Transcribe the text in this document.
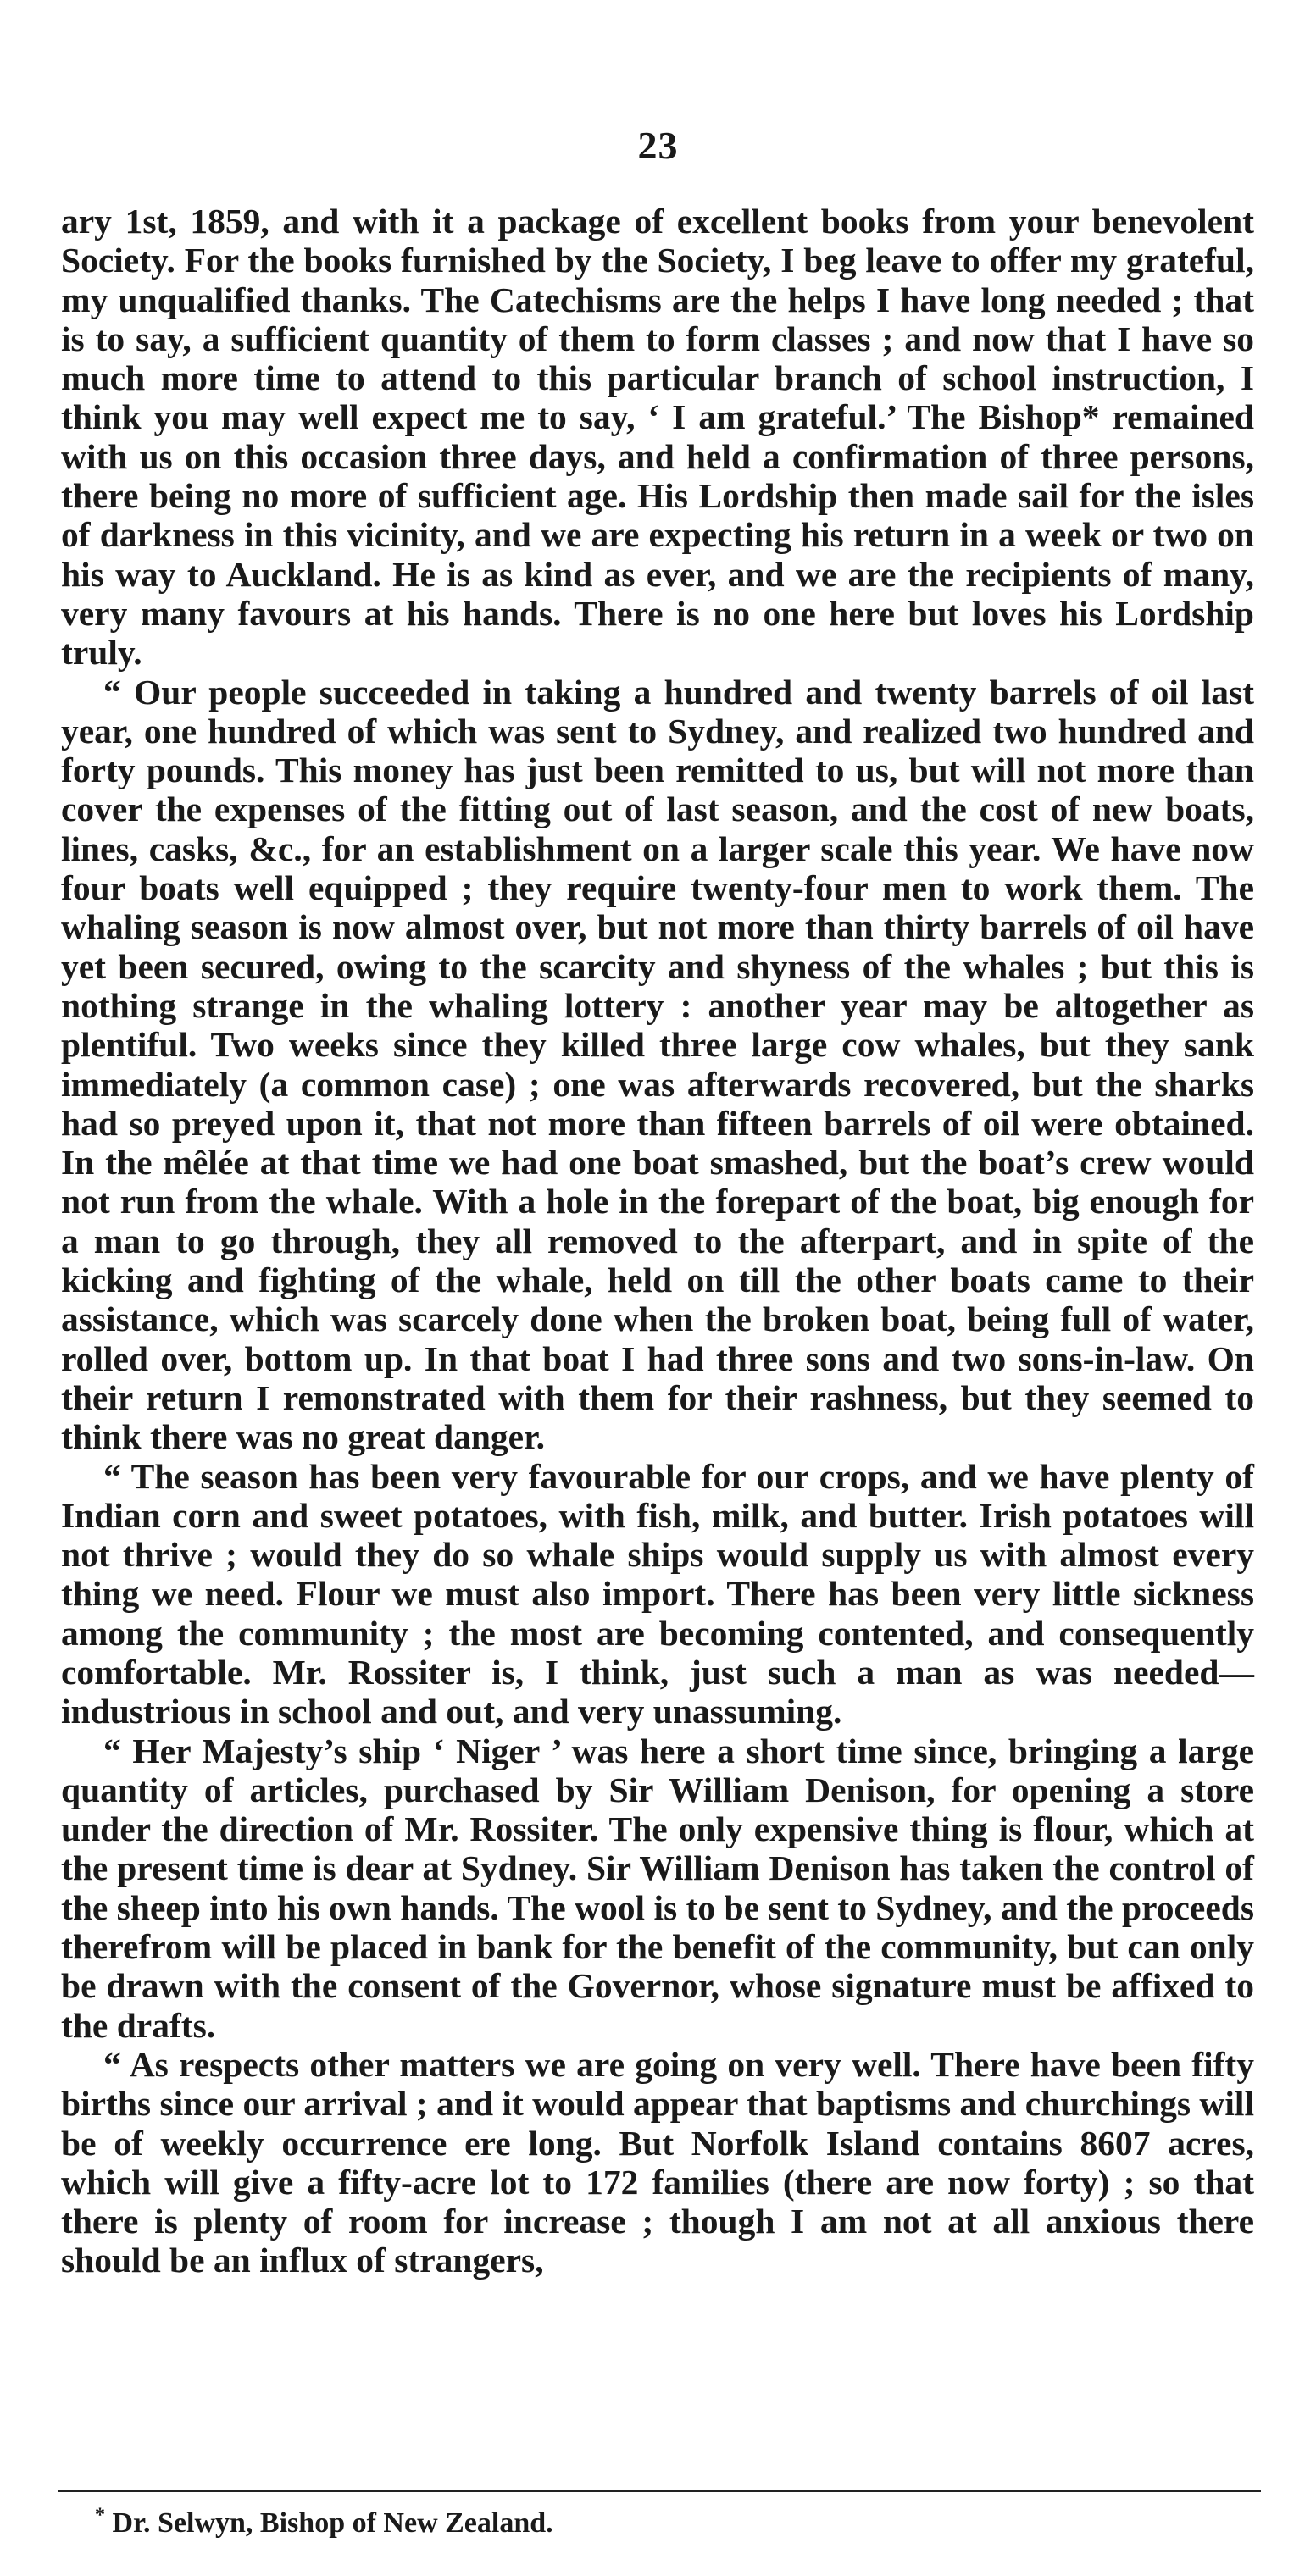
23

ary 1st, 1859, and with it a package of excellent books from your benevolent Society. For the books furnished by the Society, I beg leave to offer my grateful, my unqualified thanks. The Catechisms are the helps I have long needed ; that is to say, a sufficient quantity of them to form classes ; and now that I have so much more time to attend to this particular branch of school instruction, I think you may well expect me to say, ‘ I am grateful.’ The Bishop* remained with us on this occasion three days, and held a confirmation of three persons, there being no more of sufficient age. His Lordship then made sail for the isles of darkness in this vicinity, and we are expecting his return in a week or two on his way to Auckland. He is as kind as ever, and we are the recipients of many, very many favours at his hands. There is no one here but loves his Lordship truly.

“ Our people succeeded in taking a hundred and twenty barrels of oil last year, one hundred of which was sent to Sydney, and realized two hundred and forty pounds. This money has just been remitted to us, but will not more than cover the expenses of the fitting out of last season, and the cost of new boats, lines, casks, &c., for an establishment on a larger scale this year. We have now four boats well equipped ; they require twenty-four men to work them. The whaling season is now almost over, but not more than thirty barrels of oil have yet been secured, owing to the scarcity and shyness of the whales ; but this is nothing strange in the whaling lottery : another year may be altogether as plentiful. Two weeks since they killed three large cow whales, but they sank immediately (a common case) ; one was afterwards recovered, but the sharks had so preyed upon it, that not more than fifteen barrels of oil were obtained. In the mêlée at that time we had one boat smashed, but the boat’s crew would not run from the whale. With a hole in the forepart of the boat, big enough for a man to go through, they all removed to the afterpart, and in spite of the kicking and fighting of the whale, held on till the other boats came to their assistance, which was scarcely done when the broken boat, being full of water, rolled over, bottom up. In that boat I had three sons and two sons-in-law. On their return I remonstrated with them for their rashness, but they seemed to think there was no great danger.

“ The season has been very favourable for our crops, and we have plenty of Indian corn and sweet potatoes, with fish, milk, and butter. Irish potatoes will not thrive ; would they do so whale ships would supply us with almost every thing we need. Flour we must also import. There has been very little sickness among the community ; the most are becoming contented, and consequently comfortable. Mr. Rossiter is, I think, just such a man as was needed—industrious in school and out, and very unassuming.

“ Her Majesty’s ship ‘ Niger ’ was here a short time since, bringing a large quantity of articles, purchased by Sir William Denison, for opening a store under the direction of Mr. Rossiter. The only expensive thing is flour, which at the present time is dear at Sydney. Sir William Denison has taken the control of the sheep into his own hands. The wool is to be sent to Sydney, and the proceeds therefrom will be placed in bank for the benefit of the community, but can only be drawn with the consent of the Governor, whose signature must be affixed to the drafts.

“ As respects other matters we are going on very well. There have been fifty births since our arrival ; and it would appear that baptisms and churchings will be of weekly occurrence ere long. But Norfolk Island contains 8607 acres, which will give a fifty-acre lot to 172 families (there are now forty) ; so that there is plenty of room for increase ; though I am not at all anxious there should be an influx of strangers,

* Dr. Selwyn, Bishop of New Zealand.
